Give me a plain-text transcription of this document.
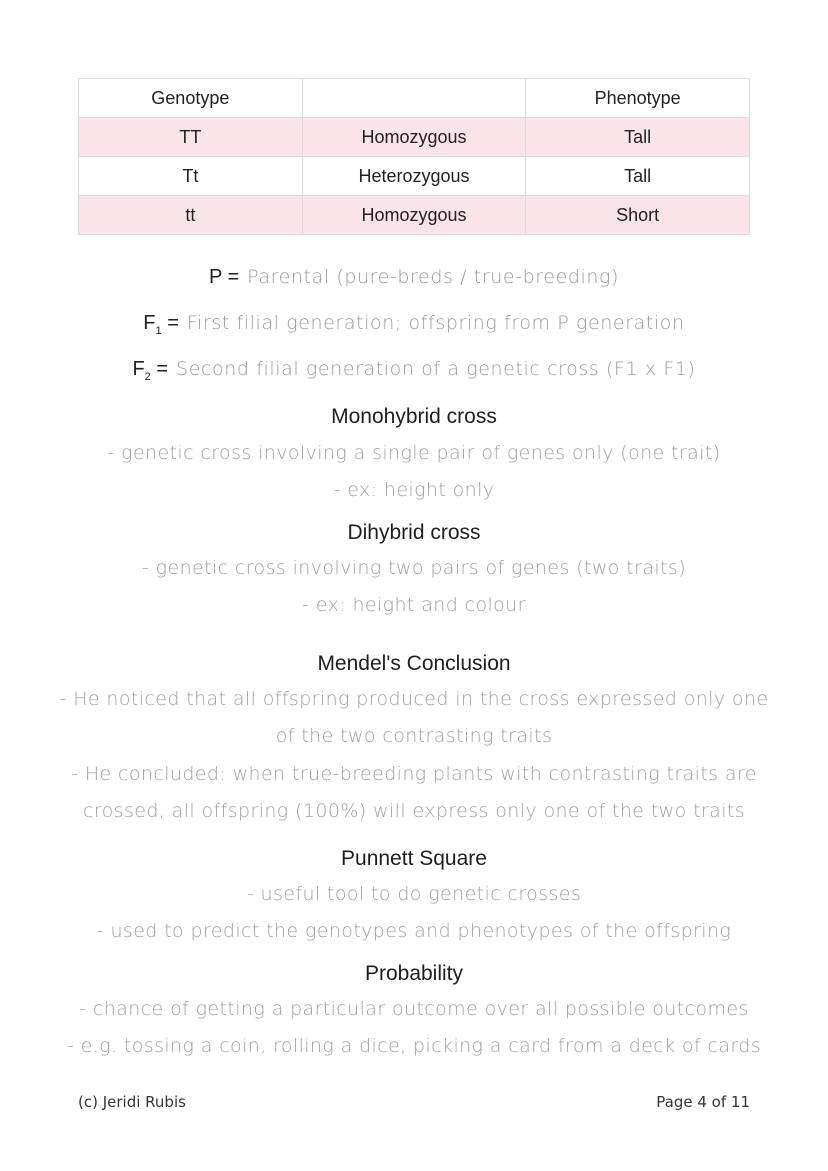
Genotype		Phenotype
TT	Homozygous	Tall
Tt	Heterozygous	Tall
tt	Homozygous	Short
P = Parental (pure-breds / true-breeding)
$F_1$ = First filial generation; offspring from P generation
$F_2$ = Second filial generation of a genetic cross (F1 x F1)
Monohybrid cross
- genetic cross involving a single pair of genes only (one trait)
- ex: height only
Dihybrid cross
- genetic cross involving two pairs of genes (two traits)
- ex: height and colour
Mendel's Conclusion
- He noticed that all offspring produced in the cross expressed only one
of the two contrasting traits
- He concluded: when true-breeding plants with contrasting traits are
crossed, all offspring (100%) will express only one of the two traits
Punnett Square
- useful tool to do genetic crosses
- used to predict the genotypes and phenotypes of the offspring
Probability
- chance of getting a particular outcome over all possible outcomes
- e.g. tossing a coin, rolling a dice, picking a card from a deck of cards
(c) Jeridi Rubis	Page 4 of 11
